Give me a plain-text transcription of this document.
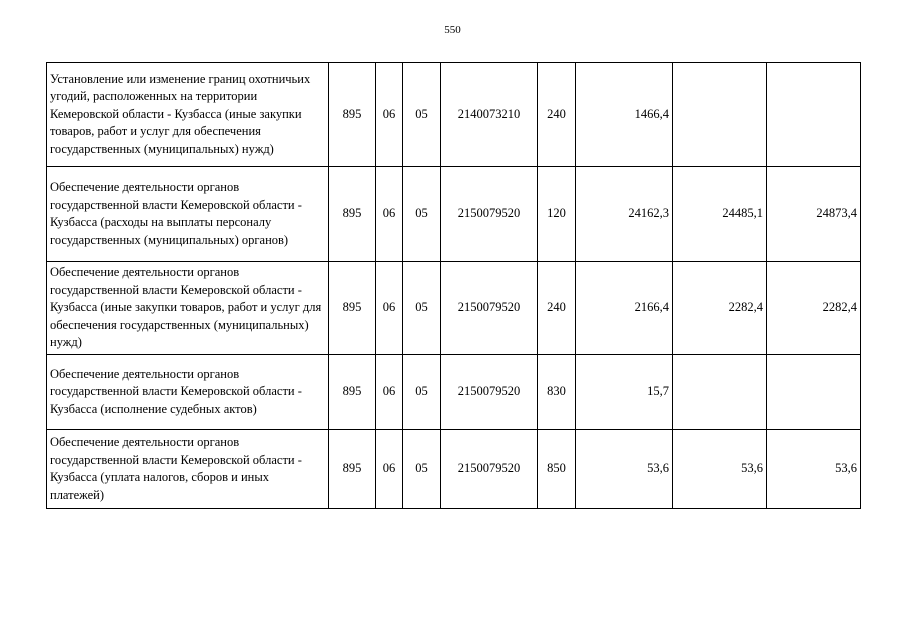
550
Установление или изменение границ охотничьих угодий, расположенных на территории Кемеровской области - Кузбасса (иные закупки товаров, работ и услуг для обеспечения государственных (муниципальных) нужд)	895	06	05	2140073210	240	1466,4		
Обеспечение деятельности органов государственной власти Кемеровской области - Кузбасса (расходы на выплаты персоналу государственных (муниципальных) органов)	895	06	05	2150079520	120	24162,3	24485,1	24873,4
Обеспечение деятельности органов государственной власти Кемеровской области - Кузбасса (иные закупки товаров, работ и услуг для обеспечения государственных (муниципальных) нужд)	895	06	05	2150079520	240	2166,4	2282,4	2282,4
Обеспечение деятельности органов государственной власти Кемеровской области - Кузбасса (исполнение судебных актов)	895	06	05	2150079520	830	15,7		
Обеспечение деятельности органов государственной власти Кемеровской области - Кузбасса (уплата налогов, сборов и иных платежей)	895	06	05	2150079520	850	53,6	53,6	53,6
